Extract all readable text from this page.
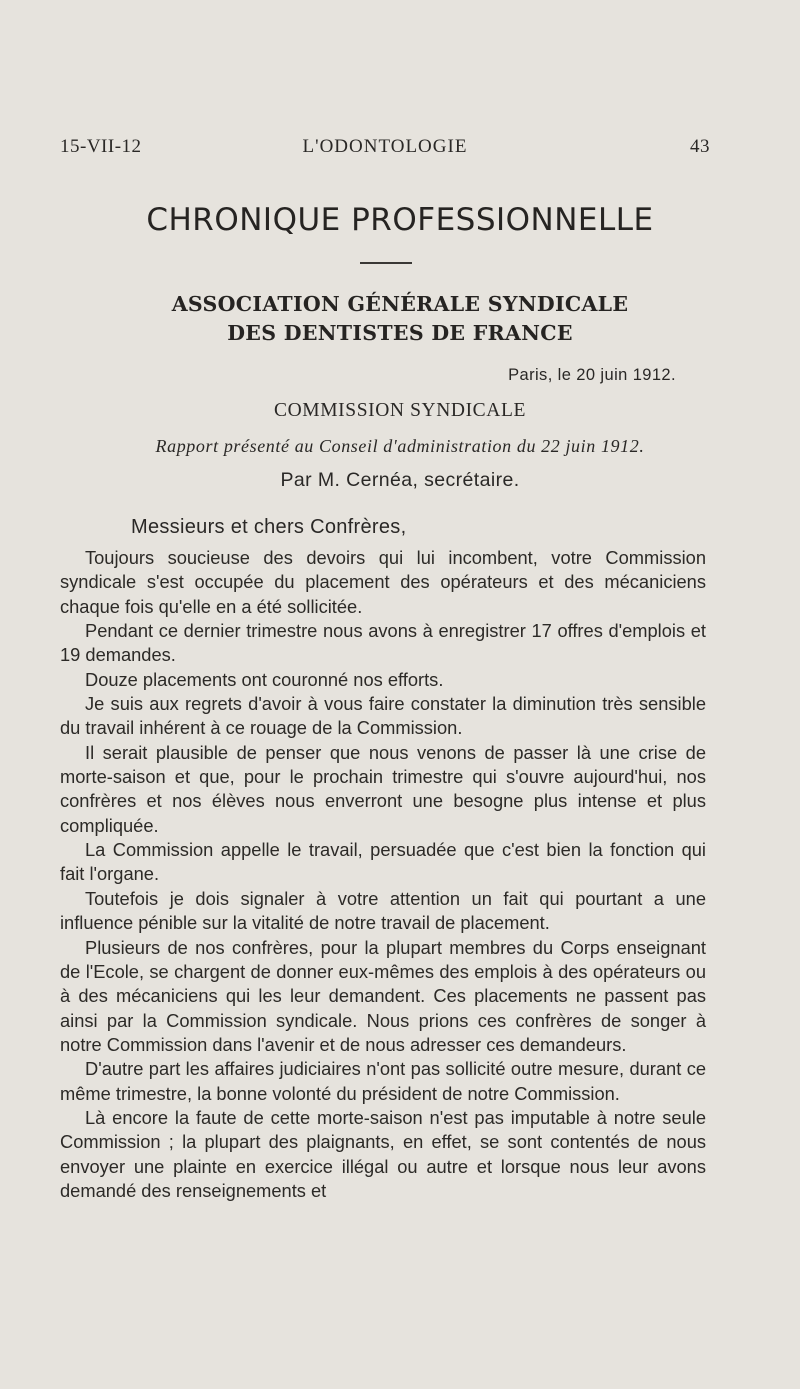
15-VII-12	L'ODONTOLOGIE	43
CHRONIQUE PROFESSIONNELLE
ASSOCIATION GÉNÉRALE SYNDICALE
DES DENTISTES DE FRANCE
Paris, le 20 juin 1912.
COMMISSION SYNDICALE
Rapport présenté au Conseil d'administration du 22 juin 1912.
Par M. Cernéa, secrétaire.
Messieurs et chers Confrères,

Toujours soucieuse des devoirs qui lui incombent, votre Commission syndicale s'est occupée du placement des opérateurs et des mécaniciens chaque fois qu'elle en a été sollicitée.

Pendant ce dernier trimestre nous avons à enregistrer 17 offres d'emplois et 19 demandes.

Douze placements ont couronné nos efforts.

Je suis aux regrets d'avoir à vous faire constater la diminution très sensible du travail inhérent à ce rouage de la Commission.

Il serait plausible de penser que nous venons de passer là une crise de morte-saison et que, pour le prochain trimestre qui s'ouvre aujourd'hui, nos confrères et nos élèves nous enverront une besogne plus intense et plus compliquée.

La Commission appelle le travail, persuadée que c'est bien la fonction qui fait l'organe.

Toutefois je dois signaler à votre attention un fait qui pourtant a une influence pénible sur la vitalité de notre travail de placement.

Plusieurs de nos confrères, pour la plupart membres du Corps enseignant de l'Ecole, se chargent de donner eux-mêmes des emplois à des opérateurs ou à des mécaniciens qui les leur demandent. Ces placements ne passent pas ainsi par la Commission syndicale. Nous prions ces confrères de songer à notre Commission dans l'avenir et de nous adresser ces demandeurs.

D'autre part les affaires judiciaires n'ont pas sollicité outre mesure, durant ce même trimestre, la bonne volonté du président de notre Commission.

Là encore la faute de cette morte-saison n'est pas imputable à notre seule Commission ; la plupart des plaignants, en effet, se sont contentés de nous envoyer une plainte en exercice illégal ou autre et lorsque nous leur avons demandé des renseignements et
